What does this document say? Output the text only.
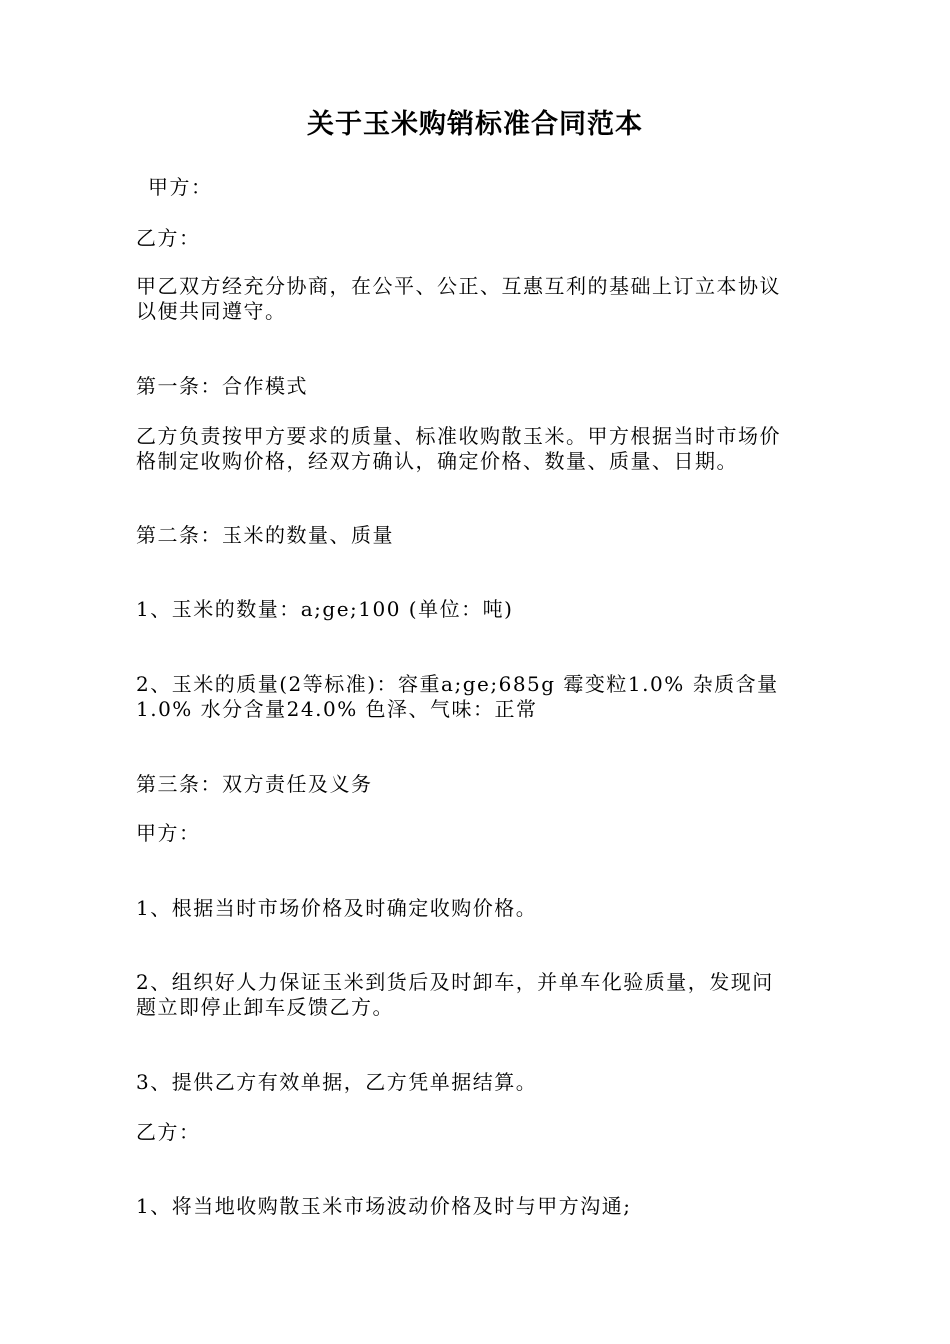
关于玉米购销标准合同范本
甲方：
乙方：
甲乙双方经充分协商，在公平、公正、互惠互利的基础上订立本协议
以便共同遵守。
第一条：合作模式
乙方负责按甲方要求的质量、标准收购散玉米。甲方根据当时市场价
格制定收购价格，经双方确认，确定价格、数量、质量、日期。
第二条：玉米的数量、质量
1、玉米的数量：a;ge;100 (单位：吨)
2、玉米的质量(2等标准)：容重a;ge;685g 霉变粒1.0% 杂质含量
1.0% 水分含量24.0% 色泽、气味：正常
第三条：双方责任及义务
甲方：
1、根据当时市场价格及时确定收购价格。
2、组织好人力保证玉米到货后及时卸车，并单车化验质量，发现问
题立即停止卸车反馈乙方。
3、提供乙方有效单据，乙方凭单据结算。
乙方：
1、将当地收购散玉米市场波动价格及时与甲方沟通;
